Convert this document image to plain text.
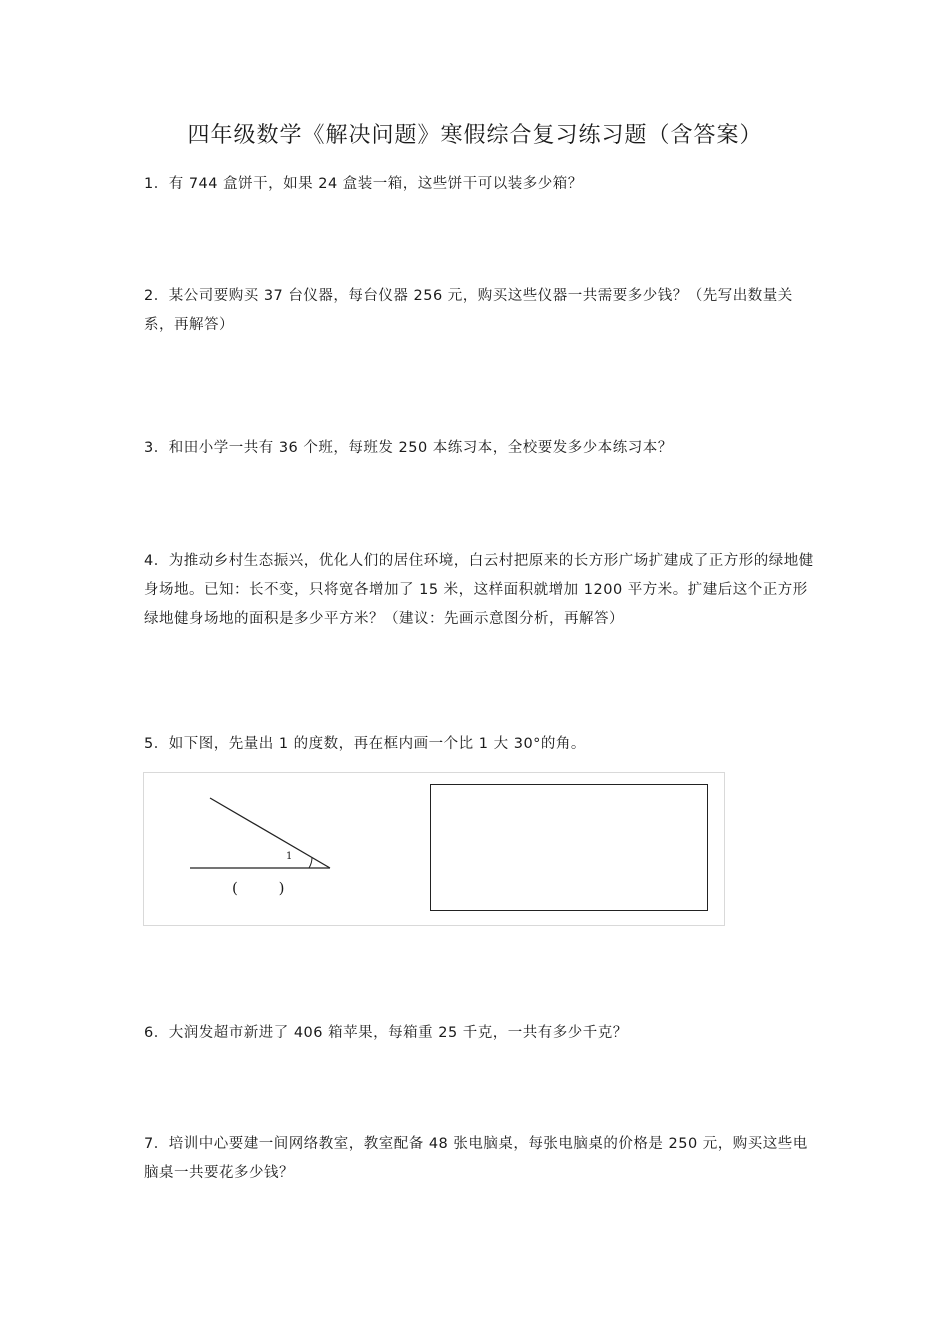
四年级数学《解决问题》寒假综合复习练习题（含答案）
1．有 744 盒饼干，如果 24 盒装一箱，这些饼干可以装多少箱？
2．某公司要购买 37 台仪器，每台仪器 256 元，购买这些仪器一共需要多少钱？（先写出数量关系，再解答）
3．和田小学一共有 36 个班，每班发 250 本练习本，全校要发多少本练习本？
4．为推动乡村生态振兴，优化人们的居住环境，白云村把原来的长方形广场扩建成了正方形的绿地健身场地。已知：长不变，只将宽各增加了 15 米，这样面积就增加 1200 平方米。扩建后这个正方形绿地健身场地的面积是多少平方米？（建议：先画示意图分析，再解答）
5．如下图，先量出 1 的度数，再在框内画一个比 1 大 30°的角。
1
( )
6．大润发超市新进了 406 箱苹果，每箱重 25 千克，一共有多少千克？
7．培训中心要建一间网络教室，教室配备 48 张电脑桌，每张电脑桌的价格是 250 元，购买这些电脑桌一共要花多少钱？
